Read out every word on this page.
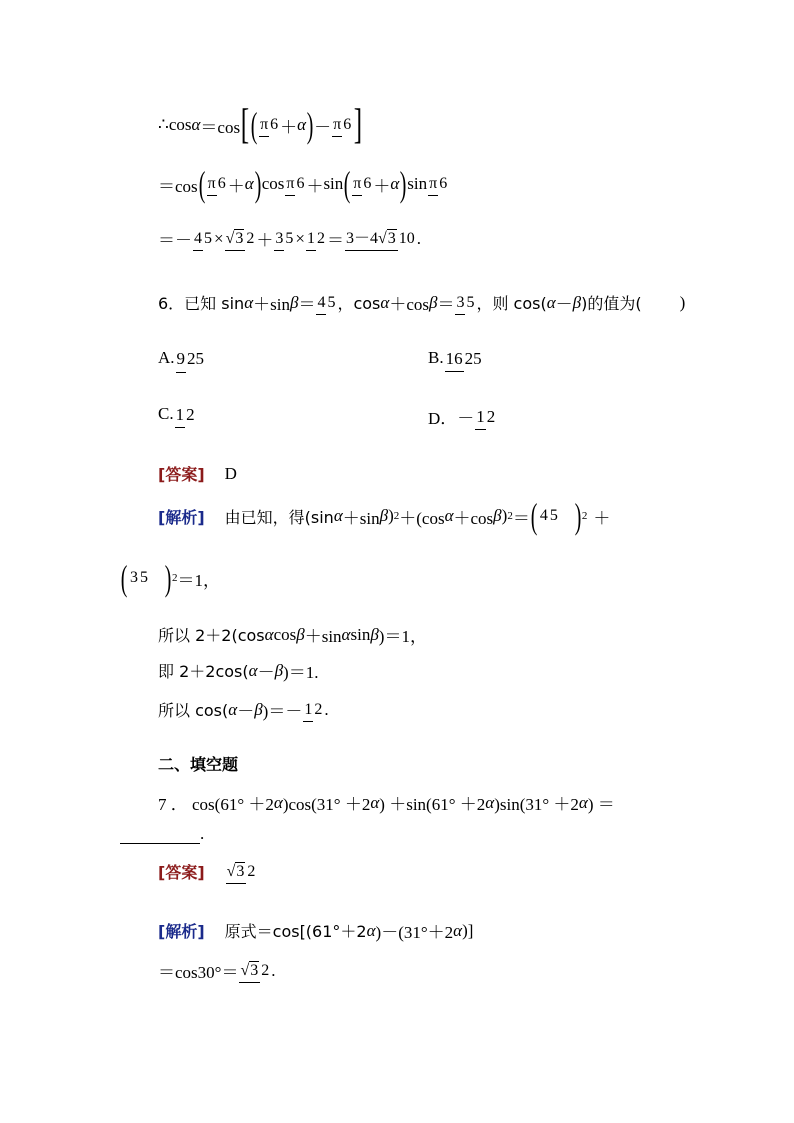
∴cos α ＝cos [ ( π 6 ＋ α ) － π 6 ]
＝cos ( π 6 ＋ α ) cos π 6 ＋ sin ( π 6 ＋ α ) sin π 6
＝－ 4 5 × √3 2 ＋ 3 5 × 1 2 ＝ 3－4√3 10 .
6．已知 sin α ＋sin β ＝ 4 5 ，cos α ＋cos β ＝ 3 5 ，则 cos( α － β )的值为( )
A. 9 25	B. 16 25
C. 1 2	D．－ 1 2
[答案] D
[解析] 由已知，得(sin α ＋sin β ) 2 ＋(cos α ＋cos β ) 2 ＝ ( 4 5 ) 2 ＋
( 3 5 ) 2 ＝1，
所以 2＋2(cos α cos β ＋sin α sin β )＝1，
即 2＋2cos( α － β )＝1.
所以 cos( α － β )＝－ 1 2 .
二、填空题
7 ． cos(61° ＋2 α )cos(31° ＋2 α ) ＋sin(61° ＋2 α )sin(31° ＋2 α ) ＝
.
[答案] √3 2
[解析] 原式＝cos[(61°＋2 α )－(31°＋2 α )]
＝cos30°＝ √3 2 .
